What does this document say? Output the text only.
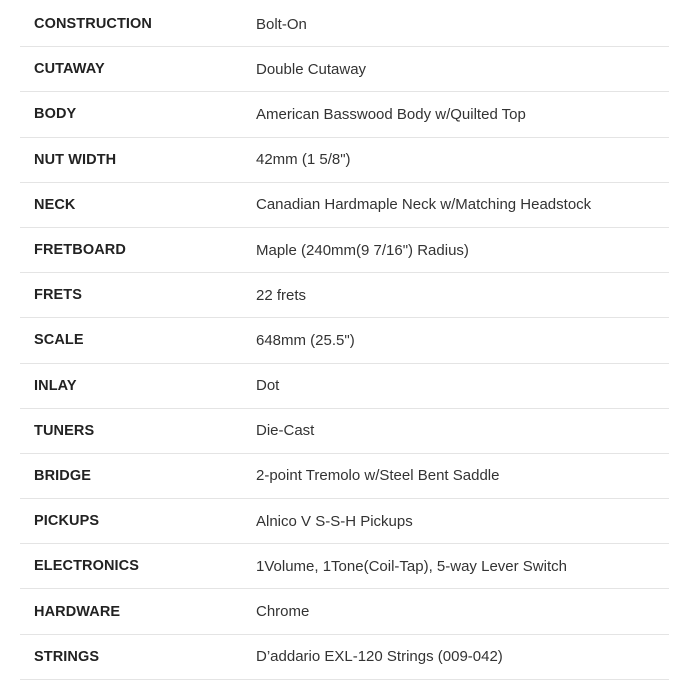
CONSTRUCTION	Bolt-On
CUTAWAY	Double Cutaway
BODY	American Basswood Body w/Quilted Top
NUT WIDTH	42mm (1 5/8")
NECK	Canadian Hardmaple Neck w/Matching Headstock
FRETBOARD	Maple (240mm(9 7/16") Radius)
FRETS	22 frets
SCALE	648mm (25.5")
INLAY	Dot
TUNERS	Die-Cast
BRIDGE	2-point Tremolo w/Steel Bent Saddle
PICKUPS	Alnico V S-S-H Pickups
ELECTRONICS	1Volume, 1Tone(Coil-Tap), 5-way Lever Switch
HARDWARE	Chrome
STRINGS	D’addario EXL-120 Strings (009-042)
